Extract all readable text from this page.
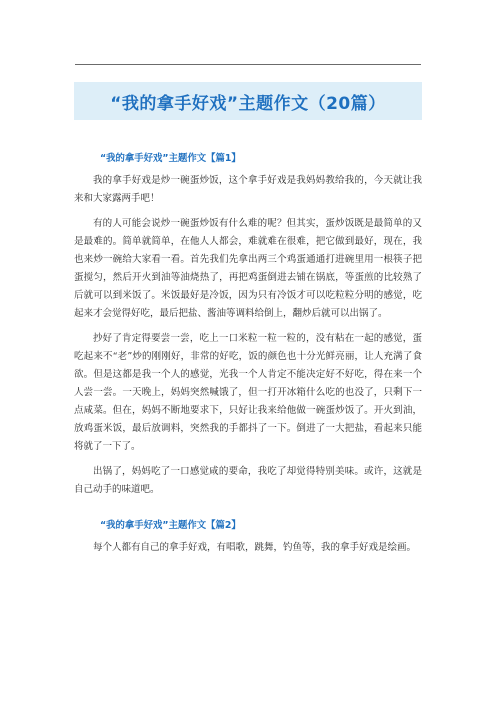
“我的拿手好戏”主题作文（20篇）
“我的拿手好戏”主题作文【篇1】

我的拿手好戏是炒一碗蛋炒饭，这个拿手好戏是我妈妈教给我的，今天就让我来和大家露两手吧！

有的人可能会说炒一碗蛋炒饭有什么难的呢？但其实，蛋炒饭既是最简单的又是最难的。简单就简单，在他人人都会，难就难在很难，把它做到最好，现在，我也来炒一碗给大家看一看。首先我们先拿出两三个鸡蛋通通打进碗里用一根筷子把蛋搅匀，然后开火到油等油烧热了，再把鸡蛋倒进去铺在锅底，等蛋煎的比较熟了后就可以到米饭了。米饭最好是冷饭，因为只有冷饭才可以吃粒粒分明的感觉，吃起来才会觉得好吃，最后把盐、酱油等调料给倒上，翻炒后就可以出锅了。

抄好了肯定得要尝一尝，吃上一口米粒一粒一粒的，没有粘在一起的感觉，蛋吃起来不“老”炒的刚刚好，非常的好吃，饭的颜色也十分光鲜亮丽，让人充满了食欲。但是这都是我一个人的感觉，光我一个人肯定不能决定好不好吃，得在来一个人尝一尝。一天晚上，妈妈突然喊饿了，但一打开冰箱什么吃的也没了，只剩下一点咸菜。但在，妈妈不断地要求下，只好让我来给他做一碗蛋炒饭了。开火到油，放鸡蛋米饭，最后放调料，突然我的手都抖了一下。倒进了一大把盐，看起来只能将就了一下了。

出锅了，妈妈吃了一口感觉咸的要命，我吃了却觉得特别美味。或许，这就是自己动手的味道吧。

“我的拿手好戏”主题作文【篇2】

每个人都有自己的拿手好戏，有唱歌，跳舞，钓鱼等，我的拿手好戏是绘画。
